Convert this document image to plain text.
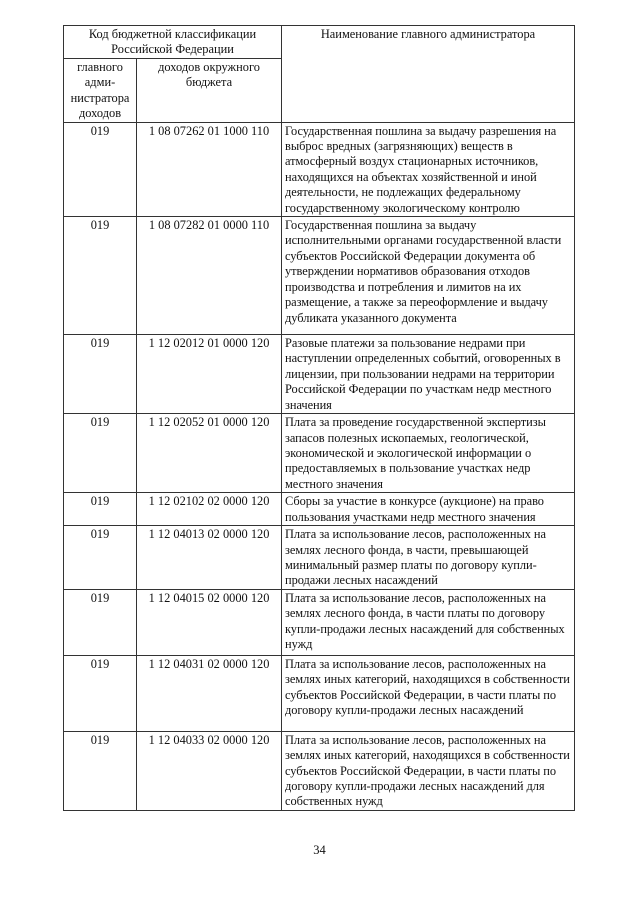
Код бюджетной классификации Российской Федерации		Наименование главного администратора
главного адми-нистратора доходов	доходов окружного бюджета	
019	1 08 07262 01 1000 110	Государственная пошлина за выдачу разрешения на выброс вредных (загрязняющих) веществ в атмосферный воздух стационарных источников, находящихся на объектах хозяйственной и иной деятельности, не подлежащих федеральному государственному экологическому контролю
019	1 08 07282 01 0000 110	Государственная пошлина за выдачу исполнительными органами государственной власти субъектов Российской Федерации документа об утверждении нормативов образования отходов производства и потребления и лимитов на их размещение, а также за переоформление и выдачу дубликата указанного документа
019	1 12 02012 01 0000 120	Разовые платежи за пользование недрами при наступлении определенных событий, оговоренных в лицензии, при пользовании недрами на территории Российской Федерации по участкам недр местного значения
019	1 12 02052 01 0000 120	Плата за проведение государственной экспертизы запасов полезных ископаемых, геологической, экономической и экологической информации о предоставляемых в пользование участках недр местного значения
019	1 12 02102 02 0000 120	Сборы за участие в конкурсе (аукционе) на право пользования участками недр местного значения
019	1 12 04013 02 0000 120	Плата за использование лесов, расположенных на землях лесного фонда, в части, превышающей минимальный размер платы по договору купли-продажи лесных насаждений
019	1 12 04015 02 0000 120	Плата за использование лесов, расположенных на землях лесного фонда, в части платы по договору купли-продажи лесных насаждений для собственных нужд
019	1 12 04031 02 0000 120	Плата за использование лесов, расположенных на землях иных категорий, находящихся в собственности субъектов Российской Федерации, в части платы по договору купли-продажи лесных насаждений
019	1 12 04033 02 0000 120	Плата за использование лесов, расположенных на землях иных категорий, находящихся в собственности субъектов Российской Федерации, в части платы по договору купли-продажи лесных насаждений для собственных нужд
34
